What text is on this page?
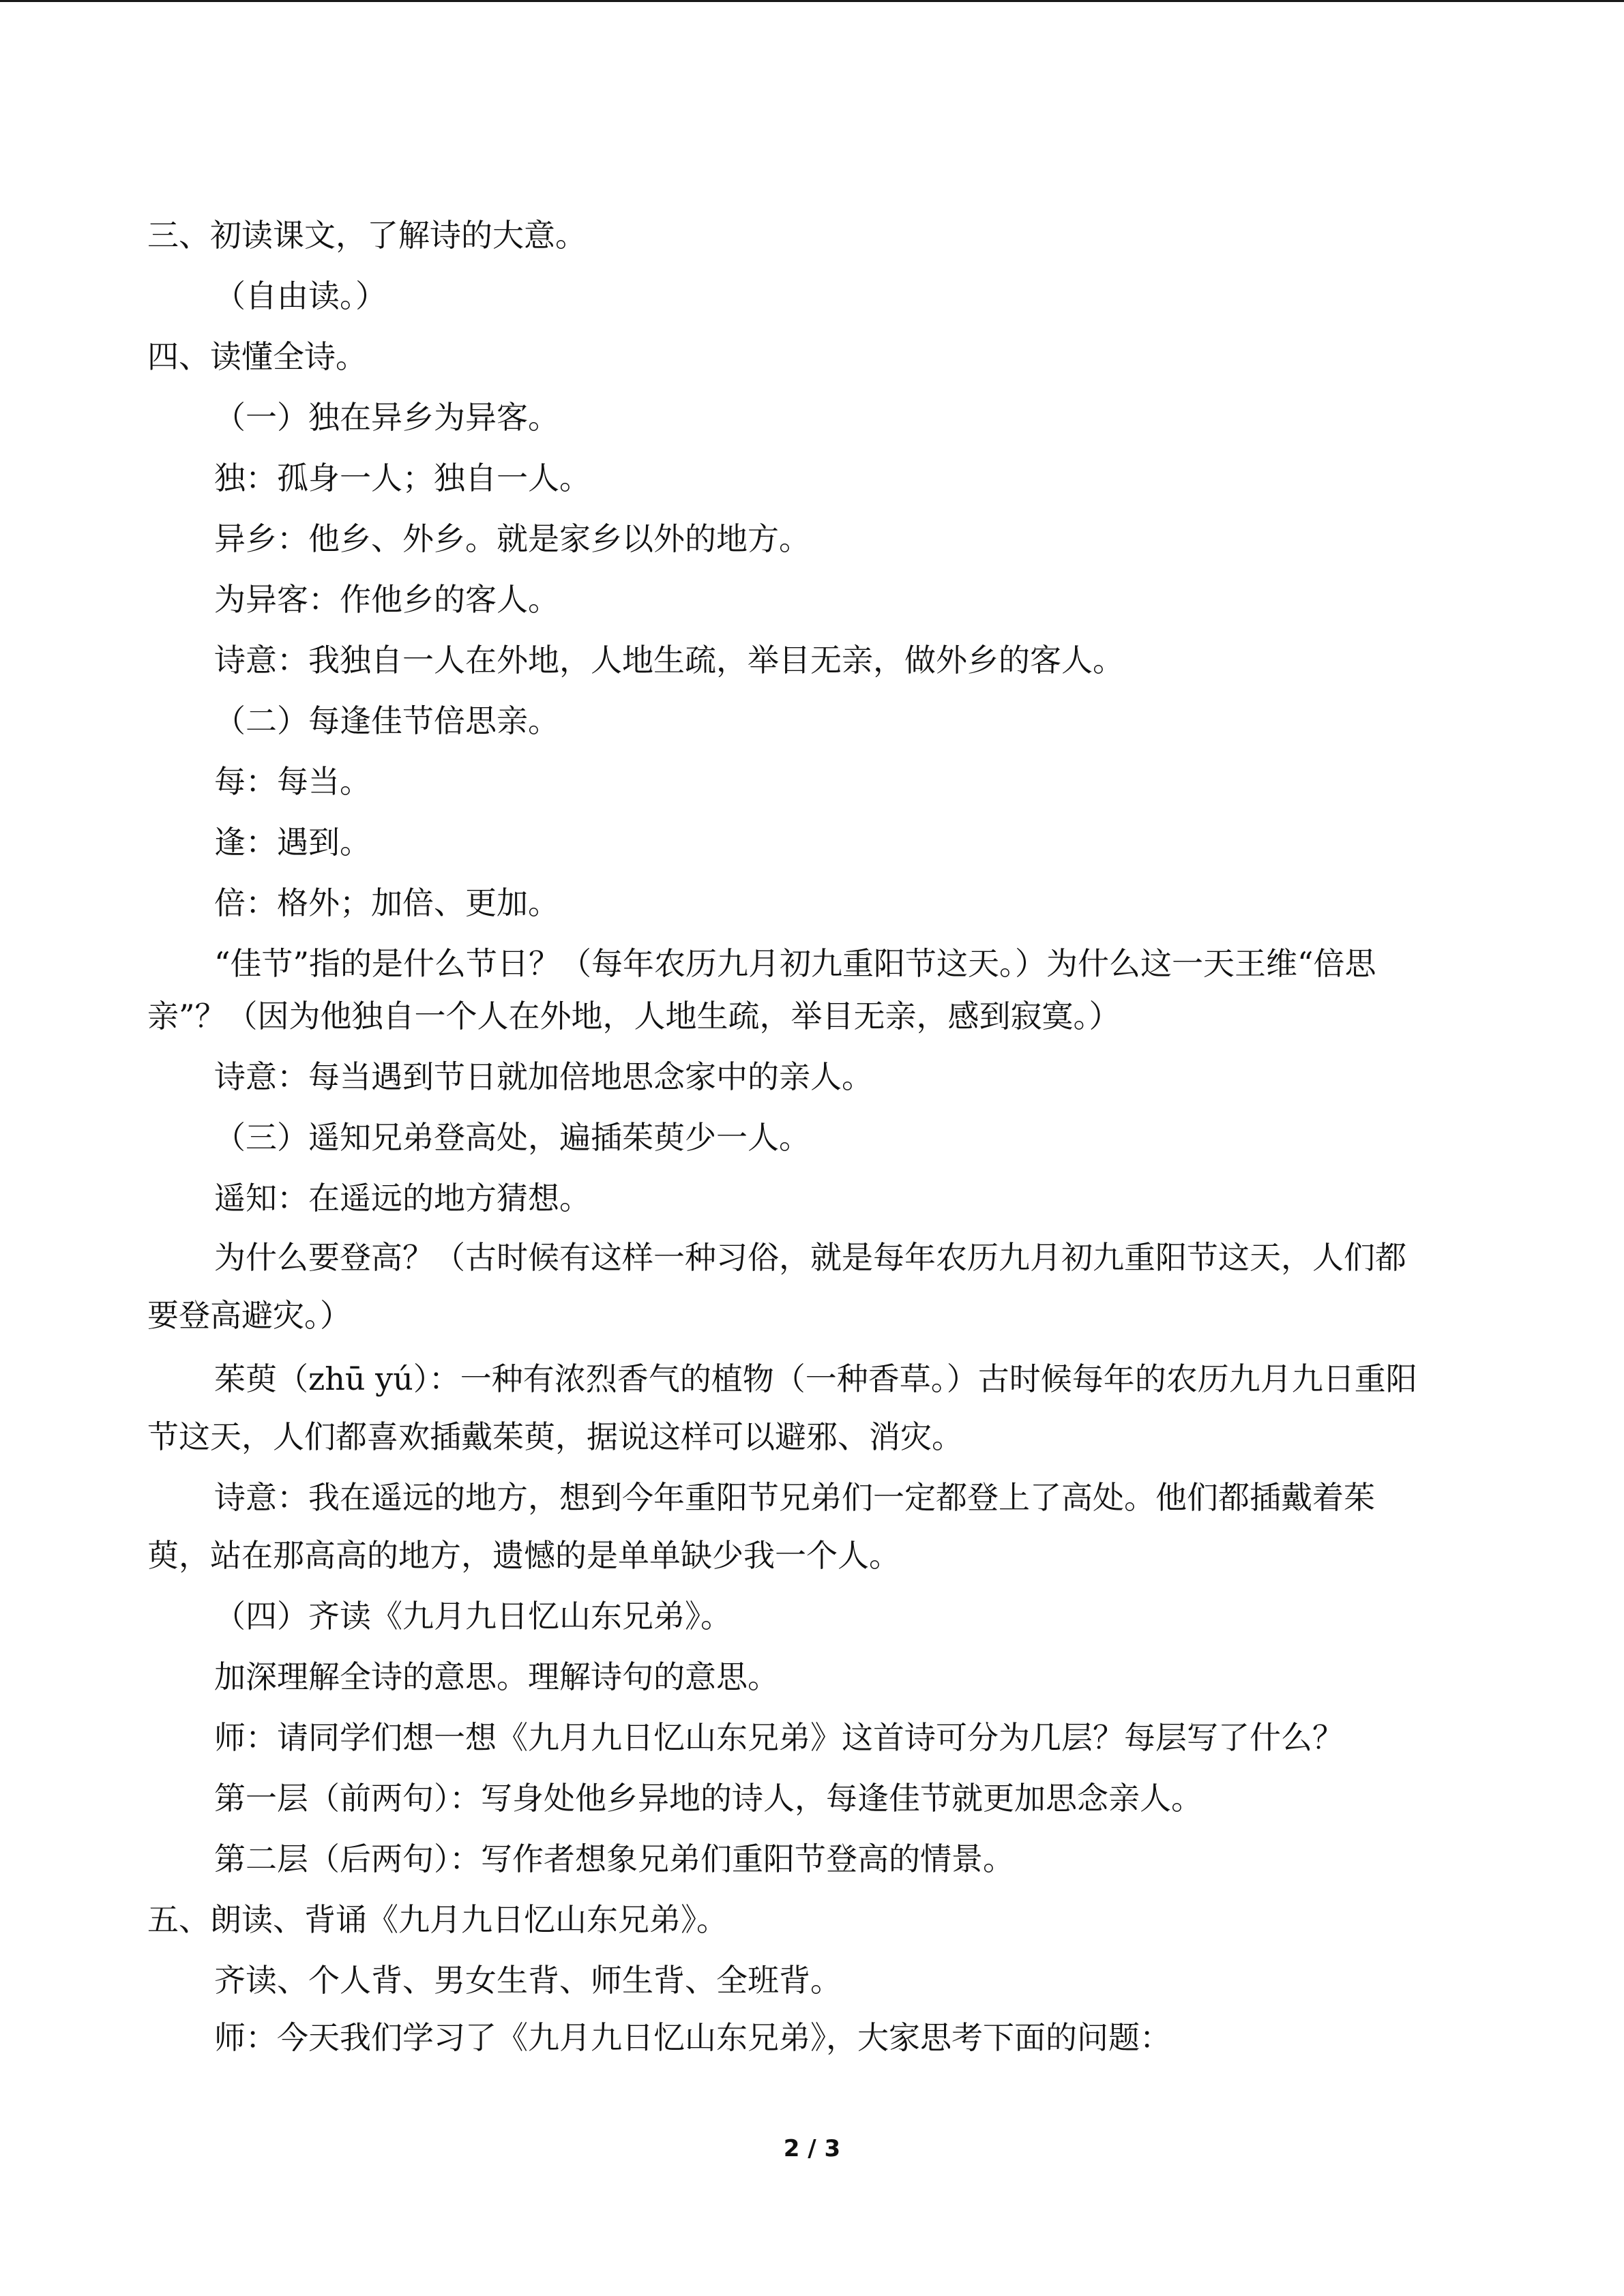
三、初读课文，了解诗的大意。
（自由读。）
四、读懂全诗。
（一）独在异乡为异客。
独：孤身一人；独自一人。
异乡：他乡、外乡。就是家乡以外的地方。
为异客：作他乡的客人。
诗意：我独自一人在外地，人地生疏，举目无亲，做外乡的客人。
（二）每逢佳节倍思亲。
每：每当。
逢：遇到。
倍：格外；加倍、更加。
“佳节”指的是什么节日？（每年农历九月初九重阳节这天。）为什么这一天王维“倍思
亲”？（因为他独自一个人在外地，人地生疏，举目无亲，感到寂寞。）
诗意：每当遇到节日就加倍地思念家中的亲人。
（三）遥知兄弟登高处，遍插茱萸少一人。
遥知：在遥远的地方猜想。
为什么要登高？（古时候有这样一种习俗，就是每年农历九月初九重阳节这天，人们都
要登高避灾。）
茱萸（zhū yú）：一种有浓烈香气的植物（一种香草。）古时候每年的农历九月九日重阳
节这天，人们都喜欢插戴茱萸，据说这样可以避邪、消灾。
诗意：我在遥远的地方，想到今年重阳节兄弟们一定都登上了高处。他们都插戴着茱
萸，站在那高高的地方，遗憾的是单单缺少我一个人。
（四）齐读《九月九日忆山东兄弟》。
加深理解全诗的意思。理解诗句的意思。
师：请同学们想一想《九月九日忆山东兄弟》这首诗可分为几层？每层写了什么？
第一层（前两句）：写身处他乡异地的诗人，每逢佳节就更加思念亲人。
第二层（后两句）：写作者想象兄弟们重阳节登高的情景。
五、朗读、背诵《九月九日忆山东兄弟》。
齐读、个人背、男女生背、师生背、全班背。
师：今天我们学习了《九月九日忆山东兄弟》，大家思考下面的问题：
2 / 3
